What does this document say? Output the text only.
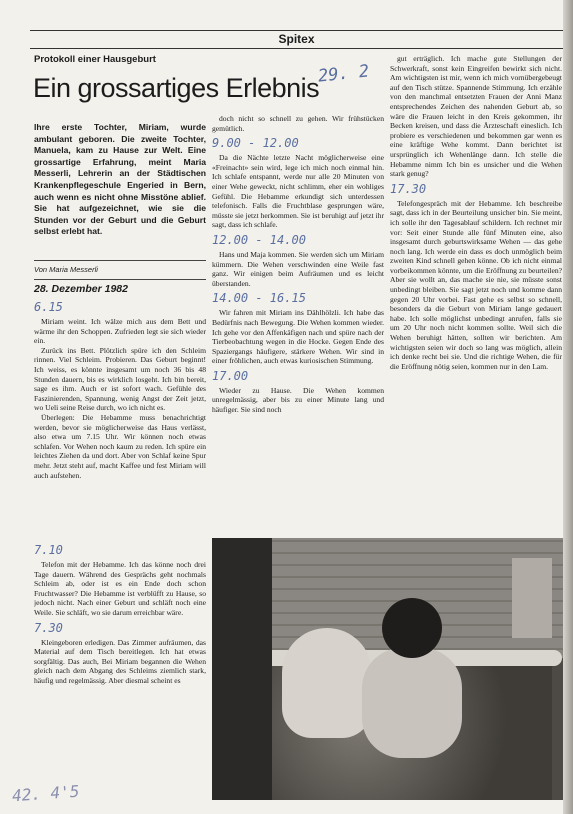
Spitex
Protokoll einer Hausgeburt
Ein grossartiges Erlebnis
29. 2
Ihre erste Tochter, Miriam, wurde ambulant geboren. Die zweite Tochter, Manuela, kam zu Hause zur Welt. Eine grossartige Erfahrung, meint Maria Messerli, Lehrerin an der Städtischen Krankenpflegeschule Engeried in Bern, auch wenn es nicht ohne Misstöne ablief. Sie hat aufgezeichnet, wie sie die Stunden vor der Geburt und die Geburt selbst erlebt hat.
Von Maria Messerli
28. Dezember 1982
6.15

Miriam weint. Ich wälze mich aus dem Bett und wärme ihr den Schoppen. Zufrieden legt sie sich wieder ein.

Zurück ins Bett. Plötzlich spüre ich den Schleim rinnen. Viel Schleim. Probieren. Das Geburt beginnt! Ich weiss, es könnte insgesamt um noch 36 bis 48 Stunden dauern, bis es wirklich losgeht. Ich bin bereit, sage es ihm. Auch er ist sofort wach. Gefühle des Faszinierenden, Spannung, wenig Angst der Zeit jetzt, wo Ueli seine Reise durch, wo ich nicht es.

Überlegen: Die Hebamme muss benachrichtigt werden, bevor sie möglicherweise das Haus verlässt, also etwa um 7.15 Uhr. Wir können noch etwas schlafen. Vor Wehen noch kaum zu reden. Ich spüre ein leichtes Ziehen da und dort. Aber von Schlaf keine Spur mehr. Jetzt steht auf, macht Kaffee und fest Miriam will auch aufstehen.

7.10

Telefon mit der Hebamme. Ich das könne noch drei Tage dauern. Während des Gesprächs geht nochmals Schleim ab, oder ist es ein Ende doch schon Fruchtwasser? Die Hebamme ist verblüfft zu Hause, so jedoch nicht. Nach einer Geburt und schläft noch eine Weile. Sie schläft, wo sie darum erreichbar wäre.

7.30

Kleingeboren erledigen. Das Zimmer aufräumen, das Material auf dem Tisch bereitlegen. Ich hat etwas sorgfältig. Das auch, Bei Miriam begannen die Wehen gleich nach dem Abgang des Schleims ziemlich stark, häufig und regelmässig. Aber diesmal scheint es

doch nicht so schnell zu gehen. Wir frühstücken gemütlich.

9.00 - 12.00

Da die Nächte letzte Nacht möglicherweise eine «Freinacht» sein wird, lege ich mich noch einmal hin. Ich schlafe entspannt, werde nur alle 20 Minuten von einer Wehe geweckt, nicht schlimm, eher ein wohliges Gefühl. Die Hebamme erkundigt sich unterdessen telefonisch. Falls die Fruchtblase gesprungen wäre, müsste sie jetzt herkommen. Sie ist beruhigt auf jetzt ihr sagt, dass ich schlafe.

12.00 - 14.00

Hans und Maja kommen. Sie werden sich um Miriam kümmern. Die Wehen verschwinden eine Weile fast ganz. Wir einigen beim Aufräumen und es leicht überstanden.

14.00 - 16.15

Wir fahren mit Miriam ins Dählhölzli. Ich habe das Bedürfnis nach Bewegung. Die Wehen kommen wieder. Ich gehe vor den Affenkäfigen nach und spüre nach der Tierbeobachtung wegen in die Hocke. Gegen Ende des Spaziergangs häufigere, stärkere Wehen. Wir sind in einer fröhlichen, auch etwas kuriosischen Stimmung.

17.00

Wieder zu Hause. Die Wehen kommen unregelmässig, aber bis zu einer Minute lang und häufiger. Sie sind noch

gut erträglich. Ich mache gute Stellungen der Schwerkraft, sonst kein Eingreifen bewirkt sich nicht. Am wichtigsten ist mir, wenn ich mich vornübergebeugt auf den Tisch stütze. Spannende Stimmung. Ich erzähle von den manchmal entsetzten Frauen der Anni Manz entsprechendes Zeichen des nahenden Geburt ab, so wäre die Frauen leicht in den Kreis gekommen, ihr Becken kreisen, und dass die Ärzteschaft eineslich. Ich probiere es verschiedenen und bekommen gar wenn es eine kräftige Wehe kommt. Dann berichtet ist ursprünglich ich Wehenlänge dann. Ich stelle die Hebamme nimm Ich bin es unsicher und die Wehen stark genug?

17.30

Telefongespräch mit der Hebamme. Ich beschreibe sagt, dass ich in der Beurteilung unsicher bin. Sie meint, ich solle ihr den Tagesablauf schildern. Ich rechnet mir vor: Seit einer Stunde alle fünf Minuten eine, also insgesamt durch geburtswirksame Wehen — das gehe noch lang. Ich werde ein dass es doch unmöglich beim zweiten Kind schnell gehen könne. Ob ich nicht einmal vorbeikommen könnte, um die Eröffnung zu beurteilen? Aber sie wollt an, das mache sie nie, sie müsste sonst unbedingt bleiben. Sie sagt jetzt noch und komme dann gegen 20 Uhr vorbei. Fast gehe es selbst so schnell, besonders da die Geburt von Miriam lange gedauert habe. Ich solle möglichst unbedingt anrufen, falls sie um 20 Uhr noch nicht kommen sollte. Weil sich die Wehen beruhigt hätten, sollten wir berichten. Am wichtigsten seien wir doch so lang was möglich, allein ich denke recht bei sie. Und die richtige Wehen, die für die Eröffnung nötig seien, kommen nur in den Lam.

42. 4'5
